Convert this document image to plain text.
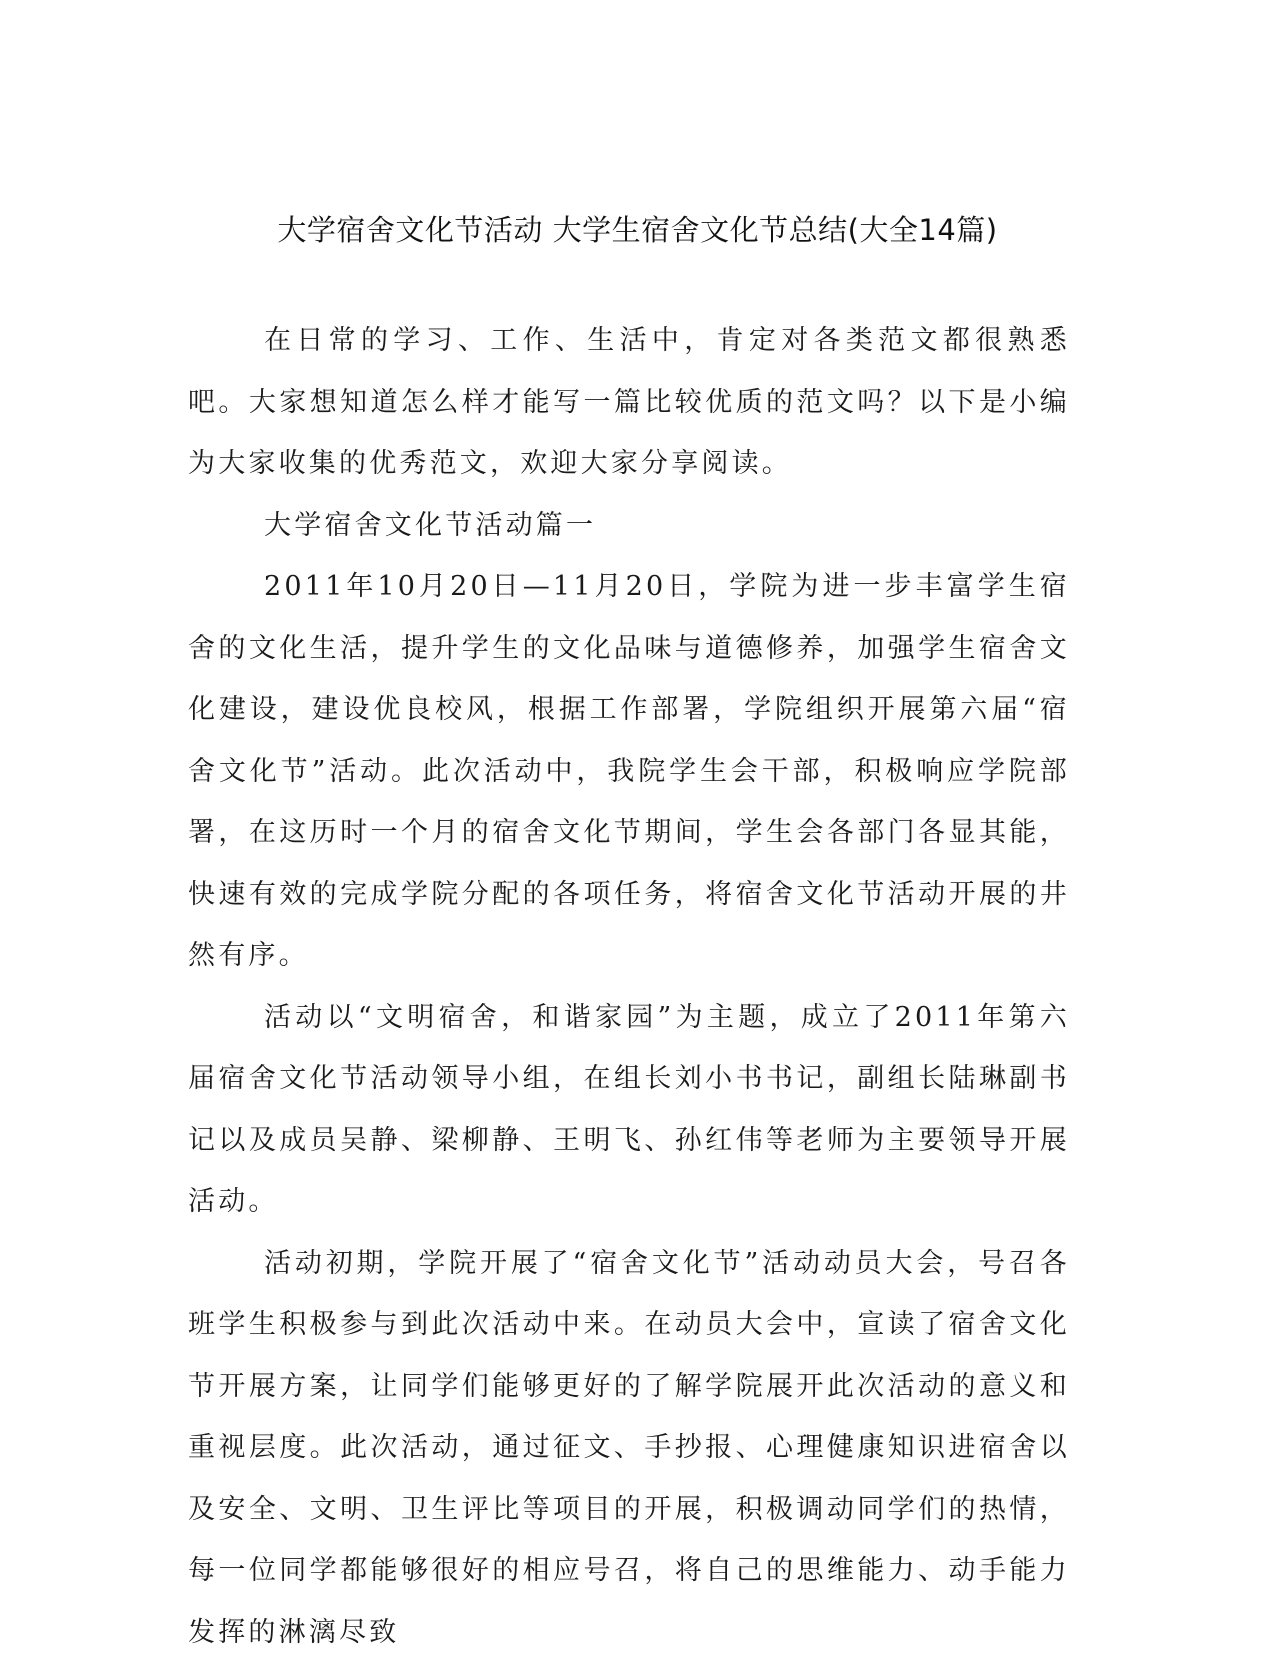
大学宿舍文化节活动 大学生宿舍文化节总结(大全14篇)

在日常的学习、工作、生活中，肯定对各类范文都很熟悉吧。大家想知道怎么样才能写一篇比较优质的范文吗？以下是小编为大家收集的优秀范文，欢迎大家分享阅读。

大学宿舍文化节活动篇一

2011年10月20日—11月20日，学院为进一步丰富学生宿舍的文化生活，提升学生的文化品味与道德修养，加强学生宿舍文化建设，建设优良校风，根据工作部署，学院组织开展第六届“宿舍文化节”活动。此次活动中，我院学生会干部，积极响应学院部署，在这历时一个月的宿舍文化节期间，学生会各部门各显其能，快速有效的完成学院分配的各项任务，将宿舍文化节活动开展的井然有序。

活动以“文明宿舍，和谐家园”为主题，成立了2011年第六届宿舍文化节活动领导小组，在组长刘小书书记，副组长陆琳副书记以及成员吴静、梁柳静、王明飞、孙红伟等老师为主要领导开展活动。

活动初期，学院开展了“宿舍文化节”活动动员大会，号召各班学生积极参与到此次活动中来。在动员大会中，宣读了宿舍文化节开展方案，让同学们能够更好的了解学院展开此次活动的意义和重视层度。此次活动，通过征文、手抄报、心理健康知识进宿舍以及安全、文明、卫生评比等项目的开展，积极调动同学们的热情，每一位同学都能够很好的相应号召，将自己的思维能力、动手能力发挥的淋漓尽致
